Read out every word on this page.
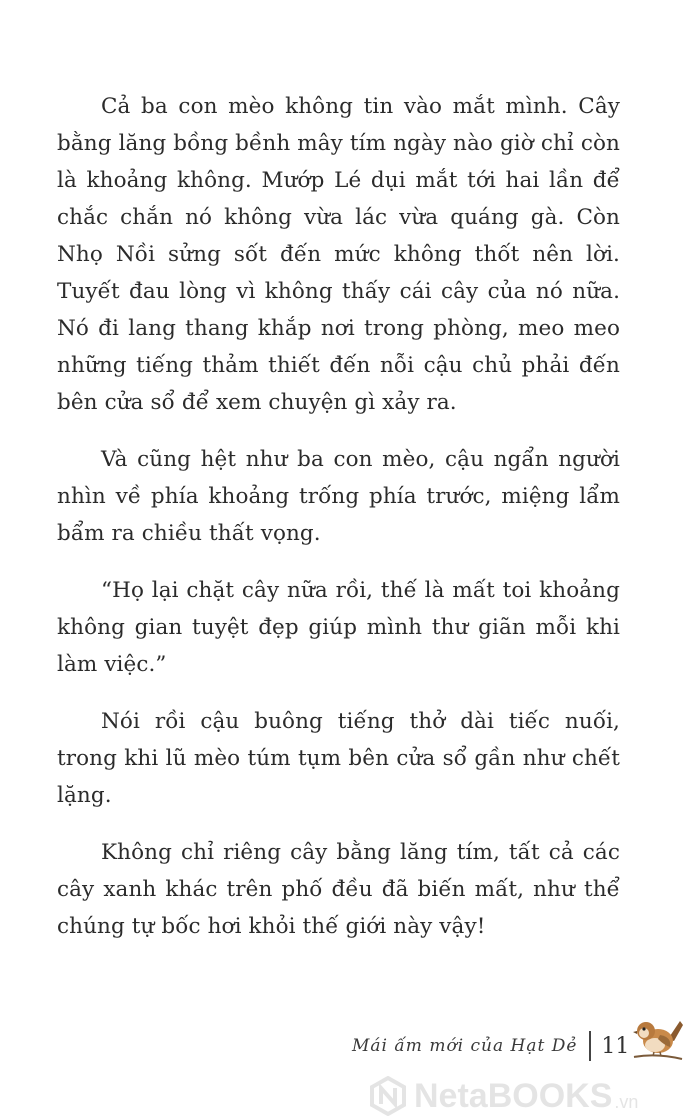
Cả ba con mèo không tin vào mắt mình. Cây bằng lăng bồng bềnh mây tím ngày nào giờ chỉ còn là khoảng không. Mướp Lé dụi mắt tới hai lần để chắc chắn nó không vừa lác vừa quáng gà. Còn Nhọ Nồi sửng sốt đến mức không thốt nên lời. Tuyết đau lòng vì không thấy cái cây của nó nữa. Nó đi lang thang khắp nơi trong phòng, meo meo những tiếng thảm thiết đến nỗi cậu chủ phải đến bên cửa sổ để xem chuyện gì xảy ra.

Và cũng hệt như ba con mèo, cậu ngẩn người nhìn về phía khoảng trống phía trước, miệng lẩm bẩm ra chiều thất vọng.

“Họ lại chặt cây nữa rồi, thế là mất toi khoảng không gian tuyệt đẹp giúp mình thư giãn mỗi khi làm việc.”

Nói rồi cậu buông tiếng thở dài tiếc nuối, trong khi lũ mèo túm tụm bên cửa sổ gần như chết lặng.

Không chỉ riêng cây bằng lăng tím, tất cả các cây xanh khác trên phố đều đã biến mất, như thể chúng tự bốc hơi khỏi thế giới này vậy!

Mái ấm mới của Hạt Dẻ 11
NetaBOOKS .vn
